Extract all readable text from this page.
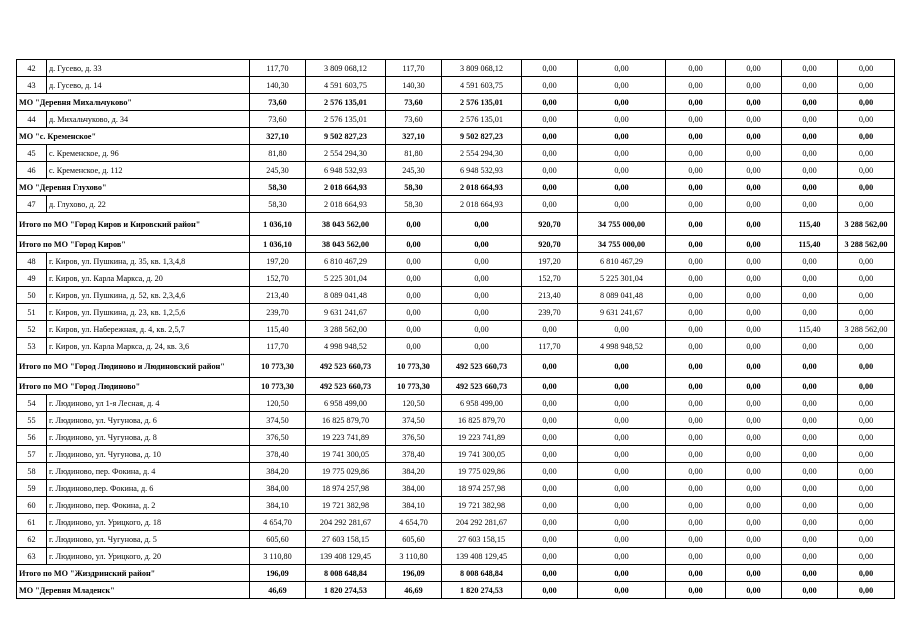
42	д. Гусево, д. 33	117,70	3 809 068,12	117,70	3 809 068,12	0,00	0,00	0,00	0,00	0,00	0,00
43	д. Гусево, д. 14	140,30	4 591 603,75	140,30	4 591 603,75	0,00	0,00	0,00	0,00	0,00	0,00
МО "Деревня Михальчуково"		73,60	2 576 135,01	73,60	2 576 135,01	0,00	0,00	0,00	0,00	0,00	0,00
44	д. Михальчуково, д. 34	73,60	2 576 135,01	73,60	2 576 135,01	0,00	0,00	0,00	0,00	0,00	0,00
МО "с. Кременское"		327,10	9 502 827,23	327,10	9 502 827,23	0,00	0,00	0,00	0,00	0,00	0,00
45	с. Кременское, д. 96	81,80	2 554 294,30	81,80	2 554 294,30	0,00	0,00	0,00	0,00	0,00	0,00
46	с. Кременское, д. 112	245,30	6 948 532,93	245,30	6 948 532,93	0,00	0,00	0,00	0,00	0,00	0,00
МО "Деревня Глухово"		58,30	2 018 664,93	58,30	2 018 664,93	0,00	0,00	0,00	0,00	0,00	0,00
47	д. Глухово, д. 22	58,30	2 018 664,93	58,30	2 018 664,93	0,00	0,00	0,00	0,00	0,00	0,00
Итого по МО "Город Киров и Кировский район"		1 036,10	38 043 562,00	0,00	0,00	920,70	34 755 000,00	0,00	0,00	115,40	3 288 562,00
Итого по МО "Город Киров"		1 036,10	38 043 562,00	0,00	0,00	920,70	34 755 000,00	0,00	0,00	115,40	3 288 562,00
48	г. Киров, ул. Пушкина, д. 35, кв. 1,3,4,8	197,20	6 810 467,29	0,00	0,00	197,20	6 810 467,29	0,00	0,00	0,00	0,00
49	г. Киров, ул. Карла Маркса, д. 20	152,70	5 225 301,04	0,00	0,00	152,70	5 225 301,04	0,00	0,00	0,00	0,00
50	г. Киров, ул. Пушкина, д. 52, кв. 2,3,4,6	213,40	8 089 041,48	0,00	0,00	213,40	8 089 041,48	0,00	0,00	0,00	0,00
51	г. Киров, ул. Пушкина, д. 23, кв. 1,2,5,6	239,70	9 631 241,67	0,00	0,00	239,70	9 631 241,67	0,00	0,00	0,00	0,00
52	г. Киров, ул. Набережная, д. 4, кв. 2,5,7	115,40	3 288 562,00	0,00	0,00	0,00	0,00	0,00	0,00	115,40	3 288 562,00
53	г. Киров, ул. Карла Маркса, д. 24, кв. 3,6	117,70	4 998 948,52	0,00	0,00	117,70	4 998 948,52	0,00	0,00	0,00	0,00
Итого по МО "Город Людиново и Людиновский район"		10 773,30	492 523 660,73	10 773,30	492 523 660,73	0,00	0,00	0,00	0,00	0,00	0,00
Итого по МО "Город Людиново"		10 773,30	492 523 660,73	10 773,30	492 523 660,73	0,00	0,00	0,00	0,00	0,00	0,00
54	г. Людиново, ул 1-я Лесная, д. 4	120,50	6 958 499,00	120,50	6 958 499,00	0,00	0,00	0,00	0,00	0,00	0,00
55	г. Людиново, ул. Чугунова, д. 6	374,50	16 825 879,70	374,50	16 825 879,70	0,00	0,00	0,00	0,00	0,00	0,00
56	г. Людиново, ул. Чугунова, д. 8	376,50	19 223 741,89	376,50	19 223 741,89	0,00	0,00	0,00	0,00	0,00	0,00
57	г. Людиново, ул. Чугунова, д. 10	378,40	19 741 300,05	378,40	19 741 300,05	0,00	0,00	0,00	0,00	0,00	0,00
58	г. Людиново, пер. Фокина, д. 4	384,20	19 775 029,86	384,20	19 775 029,86	0,00	0,00	0,00	0,00	0,00	0,00
59	г. Людиново,пер. Фокина, д. 6	384,00	18 974 257,98	384,00	18 974 257,98	0,00	0,00	0,00	0,00	0,00	0,00
60	г. Людиново, пер. Фокина, д. 2	384,10	19 721 382,98	384,10	19 721 382,98	0,00	0,00	0,00	0,00	0,00	0,00
61	г. Людиново, ул. Урицкого, д. 18	4 654,70	204 292 281,67	4 654,70	204 292 281,67	0,00	0,00	0,00	0,00	0,00	0,00
62	г. Людиново, ул. Чугунова, д. 5	605,60	27 603 158,15	605,60	27 603 158,15	0,00	0,00	0,00	0,00	0,00	0,00
63	г. Людиново, ул. Урицкого, д. 20	3 110,80	139 408 129,45	3 110,80	139 408 129,45	0,00	0,00	0,00	0,00	0,00	0,00
Итого по МО "Жиздринский район"		196,09	8 008 648,84	196,09	8 008 648,84	0,00	0,00	0,00	0,00	0,00	0,00
МО "Деревня Младенск"		46,69	1 820 274,53	46,69	1 820 274,53	0,00	0,00	0,00	0,00	0,00	0,00
